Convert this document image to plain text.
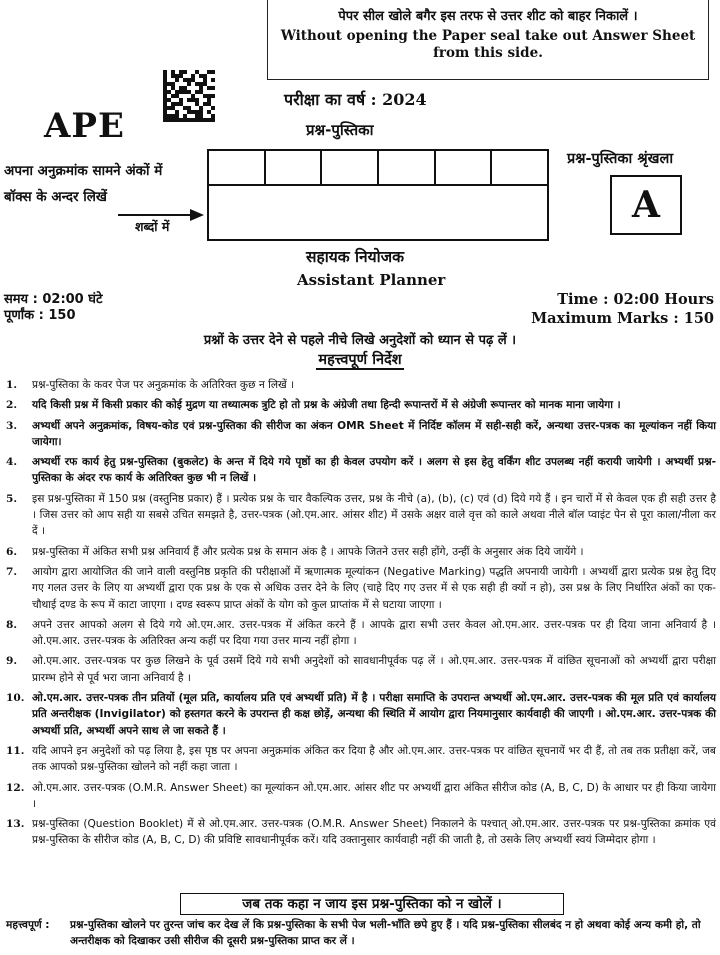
पेपर सील खोले बगैर इस तरफ से उत्तर शीट को बाहर निकालें ।
Without opening the Paper seal take out Answer Sheet
from this side.
APE
परीक्षा का वर्ष : 2024
प्रश्न-पुस्तिका
अपना अनुक्रमांक सामने अंकों में
बॉक्स के अन्दर लिखें
शब्दों में
प्रश्न-पुस्तिका श्रृंखला
A
सहायक नियोजक
Assistant Planner
समय : 02:00 घंटे
पूर्णांक : 150
Time : 02:00 Hours
Maximum Marks : 150
प्रश्नों के उत्तर देने से पहले नीचे लिखे अनुदेशों को ध्यान से पढ़ लें ।
महत्त्वपूर्ण निर्देश
1.	प्रश्न-पुस्तिका के कवर पेज पर अनुक्रमांक के अतिरिक्त कुछ न लिखें ।
2.	यदि किसी प्रश्न में किसी प्रकार की कोई मुद्रण या तथ्यात्मक त्रुटि हो तो प्रश्न के अंग्रेजी तथा हिन्दी रूपान्तरों में से अंग्रेजी रूपान्तर को मानक माना जायेगा ।
3.	अभ्यर्थी अपने अनुक्रमांक, विषय-कोड एवं प्रश्न-पुस्तिका की सीरीज का अंकन OMR Sheet में निर्दिष्ट कॉलम में सही-सही करें, अन्यथा उत्तर-पत्रक का मूल्यांकन नहीं किया जायेगा।
4.	अभ्यर्थी रफ कार्य हेतु प्रश्न-पुस्तिका (बुकलेट) के अन्त में दिये गये पृष्ठों का ही केवल उपयोग करें । अलग से इस हेतु वर्किंग शीट उपलब्ध नहीं करायी जायेगी । अभ्यर्थी प्रश्न-पुस्तिका के अंदर रफ कार्य के अतिरिक्त कुछ भी न लिखें ।
5.	इस प्रश्न-पुस्तिका में 150 प्रश्न (वस्तुनिष्ठ प्रकार) हैं । प्रत्येक प्रश्न के चार वैकल्पिक उत्तर, प्रश्न के नीचे (a), (b), (c) एवं (d) दिये गये हैं । इन चारों में से केवल एक ही सही उत्तर है । जिस उत्तर को आप सही या सबसे उचित समझते है, उत्तर-पत्रक (ओ.एम.आर. आंसर शीट) में उसके अक्षर वाले वृत्त को काले अथवा नीले बॉल प्वाइंट पेन से पूरा काला/नीला कर दें ।
6.	प्रश्न-पुस्तिका में अंकित सभी प्रश्न अनिवार्य हैं और प्रत्येक प्रश्न के समान अंक है । आपके जितने उत्तर सही होंगे, उन्हीं के अनुसार अंक दिये जायेंगे ।
7.	आयोग द्वारा आयोजित की जाने वाली वस्तुनिष्ठ प्रकृति की परीक्षाओं में ऋणात्मक मूल्यांकन (Negative Marking) पद्धति अपनायी जायेगी । अभ्यर्थी द्वारा प्रत्येक प्रश्न हेतु दिए गए गलत उत्तर के लिए या अभ्यर्थी द्वारा एक प्रश्न के एक से अधिक उत्तर देने के लिए (चाहे दिए गए उत्तर में से एक सही ही क्यों न हो), उस प्रश्न के लिए निर्धारित अंकों का एक-चौथाई दण्ड के रूप में काटा जाएगा । दण्ड स्वरूप प्राप्त अंकों के योग को कुल प्राप्तांक में से घटाया जाएगा ।
8.	अपने उत्तर आपको अलग से दिये गये ओ.एम.आर. उत्तर-पत्रक में अंकित करने हैं । आपके द्वारा सभी उत्तर केवल ओ.एम.आर. उत्तर-पत्रक पर ही दिया जाना अनिवार्य है । ओ.एम.आर. उत्तर-पत्रक के अतिरिक्त अन्य कहीं पर दिया गया उत्तर मान्य नहीं होगा ।
9.	ओ.एम.आर. उत्तर-पत्रक पर कुछ लिखने के पूर्व उसमें दिये गये सभी अनुदेशों को सावधानीपूर्वक पढ़ लें । ओ.एम.आर. उत्तर-पत्रक में वांछित सूचनाओं को अभ्यर्थी द्वारा परीक्षा प्रारम्भ होने से पूर्व भरा जाना अनिवार्य है ।
10. ओ.एम.आर. उत्तर-पत्रक तीन प्रतियों (मूल प्रति, कार्यालय प्रति एवं अभ्यर्थी प्रति) में है । परीक्षा समाप्ति के उपरान्त अभ्यर्थी ओ.एम.आर. उत्तर-पत्रक की मूल प्रति एवं कार्यालय प्रति अन्तरीक्षक (Invigilator) को हस्तगत करने के उपरान्त ही कक्ष छोड़ें, अन्यथा की स्थिति में आयोग द्वारा नियमानुसार कार्यवाही की जाएगी । ओ.एम.आर. उत्तर-पत्रक की अभ्यर्थी प्रति, अभ्यर्थी अपने साथ ले जा सकते हैं ।
11. यदि आपने इन अनुदेशों को पढ़ लिया है, इस पृष्ठ पर अपना अनुक्रमांक अंकित कर दिया है और ओ.एम.आर. उत्तर-पत्रक पर वांछित सूचनायें भर दी हैं, तो तब तक प्रतीक्षा करें, जब तक आपको प्रश्न-पुस्तिका खोलने को नहीं कहा जाता ।
12. ओ.एम.आर. उत्तर-पत्रक (O.M.R. Answer Sheet) का मूल्यांकन ओ.एम.आर. आंसर शीट पर अभ्यर्थी द्वारा अंकित सीरीज कोड (A, B, C, D) के आधार पर ही किया जायेगा ।
13. प्रश्न-पुस्तिका (Question Booklet) में से ओ.एम.आर. उत्तर-पत्रक (O.M.R. Answer Sheet) निकालने के पश्चात् ओ.एम.आर. उत्तर-पत्रक पर प्रश्न-पुस्तिका क्रमांक एवं प्रश्न-पुस्तिका के सीरीज कोड (A, B, C, D) की प्रविष्टि सावधानीपूर्वक करें। यदि उक्तानुसार कार्यवाही नहीं की जाती है, तो उसके लिए अभ्यर्थी स्वयं जिम्मेदार होगा ।
जब तक कहा न जाय इस प्रश्न-पुस्तिका को न खोलें ।
महत्त्वपूर्ण :	प्रश्न-पुस्तिका खोलने पर तुरन्त जांच कर देख लें कि प्रश्न-पुस्तिका के सभी पेज भली-भाँति छपे हुए हैं । यदि प्रश्न-पुस्तिका सीलबंद न हो अथवा कोई अन्य कमी हो, तो अन्तरीक्षक को दिखाकर उसी सीरीज की दूसरी प्रश्न-पुस्तिका प्राप्त कर लें ।
